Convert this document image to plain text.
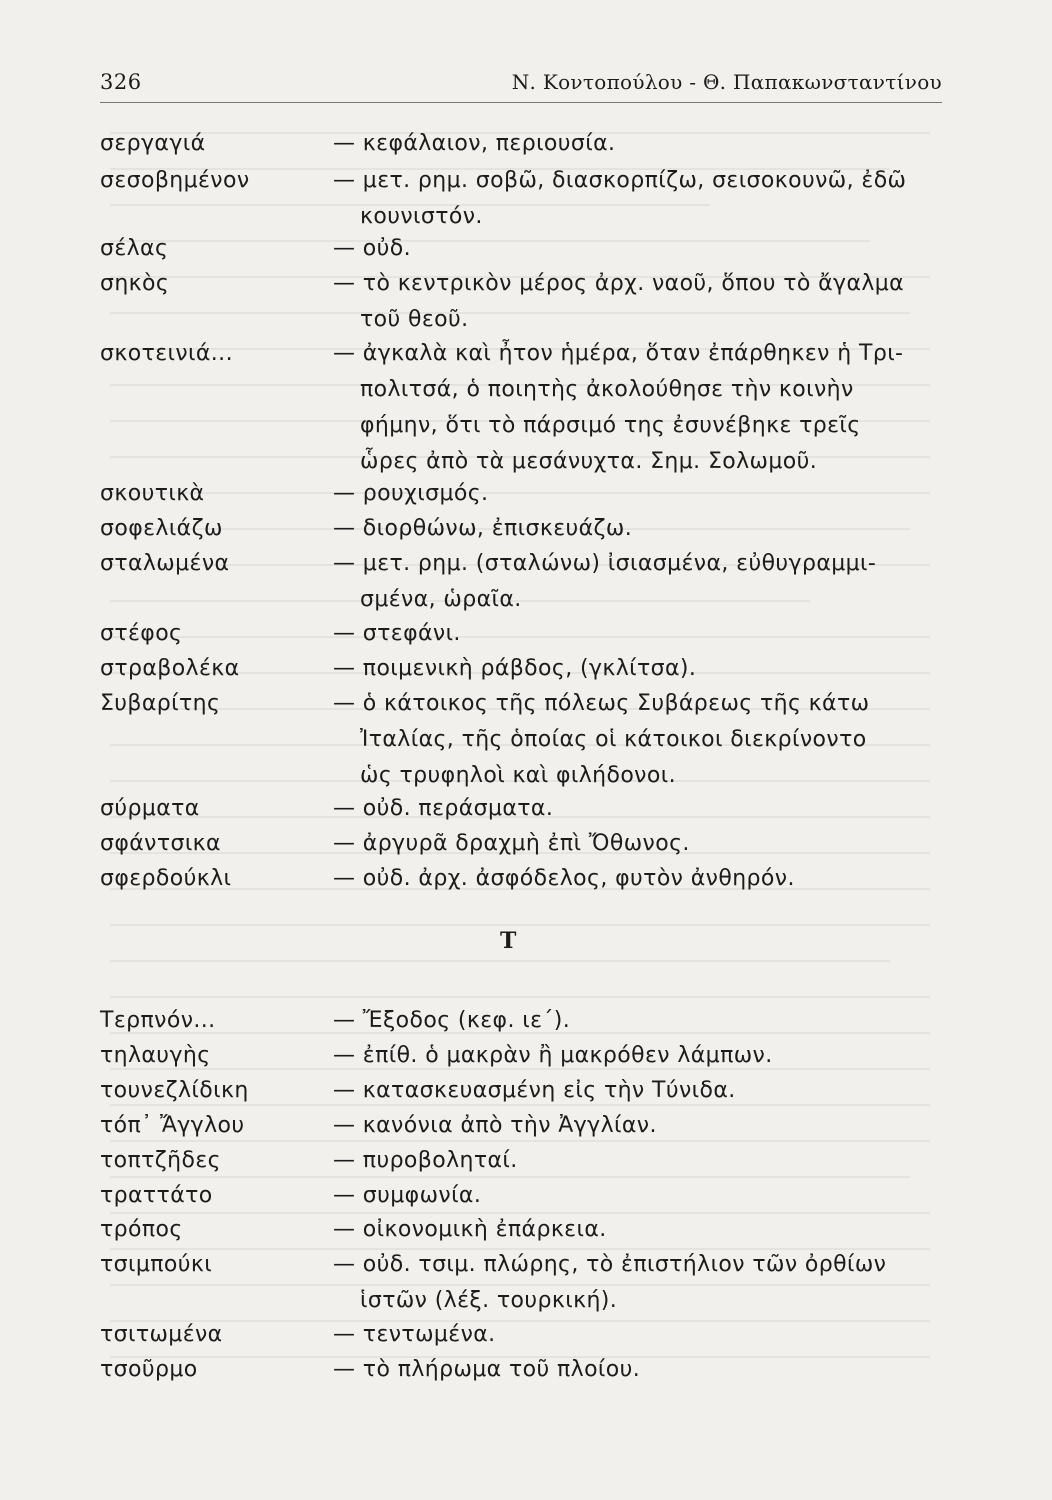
326	Ν. Κοντοπούλου - Θ. Παπακωνσταντίνου
σεργαγιά	— κεφάλαιον, περιουσία.
σεσοβημένον	— μετ. ρημ. σοβῶ, διασκορπίζω, σεισοκουνῶ, ἐδῶ
κουνιστόν.
σέλας	— οὐδ.
σηκὸς	— τὸ κεντρικὸν μέρος ἀρχ. ναοῦ, ὅπου τὸ ἄγαλμα
τοῦ θεοῦ.
σκοτεινιά...	— ἀγκαλὰ καὶ ἦτον ἡμέρα, ὅταν ἐπάρθηκεν ἡ Τρι-
πολιτσά, ὁ ποιητὴς ἀκολούθησε τὴν κοινὴν
φήμην, ὅτι τὸ πάρσιμό της ἐσυνέβηκε τρεῖς
ὧρες ἀπὸ τὰ μεσάνυχτα. Σημ. Σολωμοῦ.
σκουτικὰ	— ρουχισμός.
σοφελιάζω	— διορθώνω, ἐπισκευάζω.
σταλωμένα	— μετ. ρημ. (σταλώνω) ἰσιασμένα, εὐθυγραμμι-
σμένα, ὡραῖα.
στέφος	— στεφάνι.
στραβολέκα	— ποιμενικὴ ράβδος, (γκλίτσα).
Συβαρίτης	— ὁ κάτοικος τῆς πόλεως Συβάρεως τῆς κάτω
Ἰταλίας, τῆς ὁποίας οἱ κάτοικοι διεκρίνοντο
ὡς τρυφηλοὶ καὶ φιλήδονοι.
σύρματα	— οὐδ. περάσματα.
σφάντσικα	— ἀργυρᾶ δραχμὴ ἐπὶ Ὄθωνος.
σφερδούκλι	— οὐδ. ἀρχ. ἀσφόδελος, φυτὸν ἀνθηρόν.
Τ
Τερπνόν...	— Ἔξοδος (κεφ. ιε΄).
τηλαυγὴς	— ἐπίθ. ὁ μακρὰν ἢ μακρόθεν λάμπων.
τουνεζλίδικη	— κατασκευασμένη εἰς τὴν Τύνιδα.
τόπ᾿ Ἄγγλου	— κανόνια ἀπὸ τὴν Ἀγγλίαν.
τοπτζῆδες	— πυροβοληταί.
τραττάτο	— συμφωνία.
τρόπος	— οἰκονομικὴ ἐπάρκεια.
τσιμπούκι	— οὐδ. τσιμ. πλώρης, τὸ ἐπιστήλιον τῶν ὀρθίων
ἱστῶν (λέξ. τουρκική).
τσιτωμένα	— τεντωμένα.
τσοῦρμο	— τὸ πλήρωμα τοῦ πλοίου.
